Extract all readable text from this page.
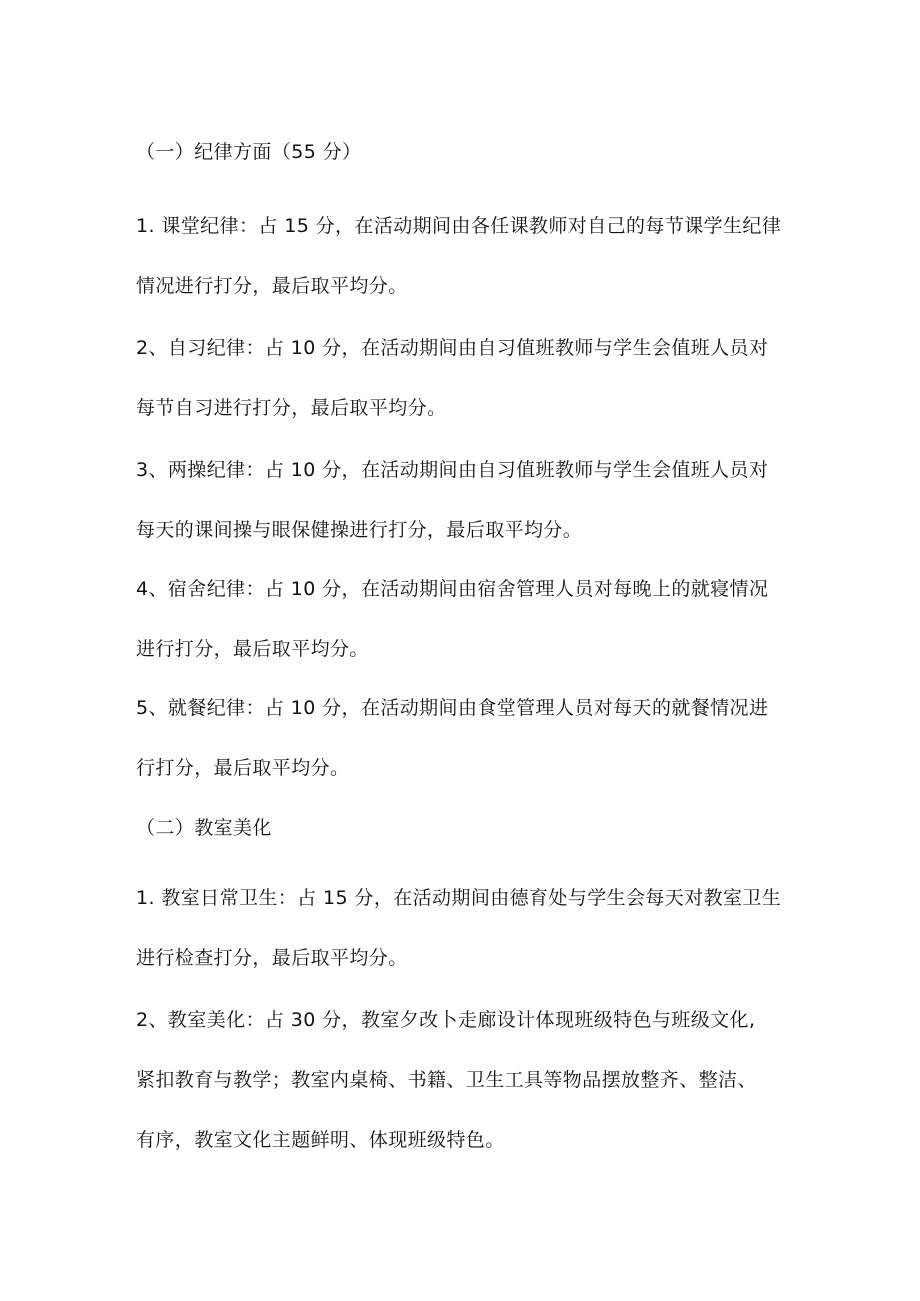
（一）纪律方面（55 分）

1. 课堂纪律：占 15 分，在活动期间由各任课教师对自己的每节课学生纪律
情况进行打分，最后取平均分。

2、自习纪律：占 10 分，在活动期间由自习值班教师与学生会值班人员对
每节自习进行打分，最后取平均分。

3、两操纪律：占 10 分，在活动期间由自习值班教师与学生会值班人员对
每天的课间操与眼保健操进行打分，最后取平均分。

4、宿舍纪律：占 10 分，在活动期间由宿舍管理人员对每晚上的就寝情况
进行打分，最后取平均分。

5、就餐纪律：占 10 分，在活动期间由食堂管理人员对每天的就餐情况进
行打分，最后取平均分。

（二）教室美化

1. 教室日常卫生：占 15 分，在活动期间由德育处与学生会每天对教室卫生
进行检查打分，最后取平均分。

2、教室美化：占 30 分，教室夕改卜走廊设计体现班级特色与班级文化,
紧扣教育与教学；教室内桌椅、书籍、卫生工具等物品摆放整齐、整洁、
有序，教室文化主题鲜明、体现班级特色。
